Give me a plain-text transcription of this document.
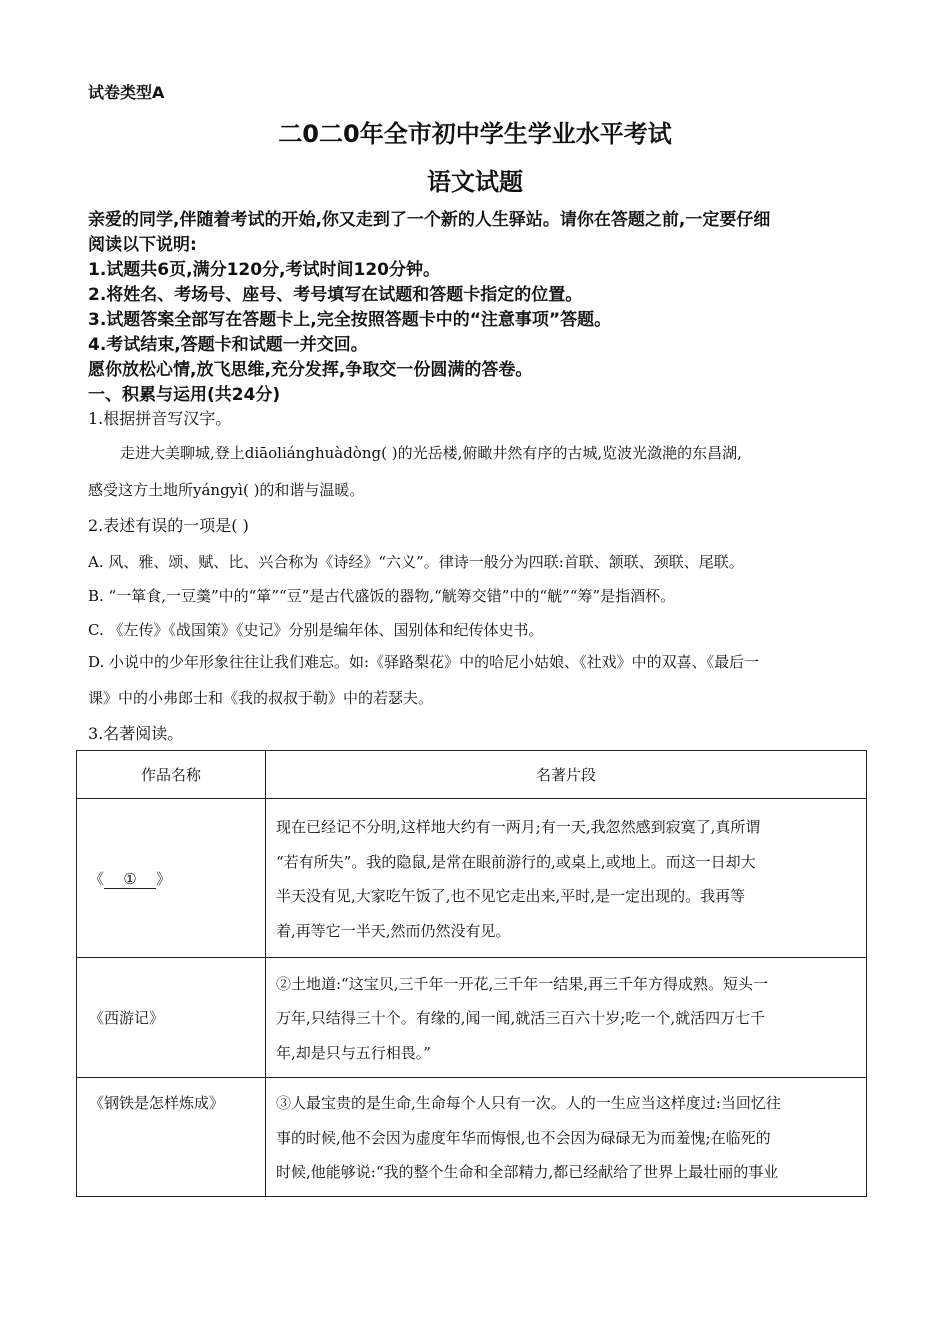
试卷类型A
二0二0年全市初中学生学业水平考试
语文试题
亲爱的同学,伴随着考试的开始,你又走到了一个新的人生驿站。请你在答题之前,一定要仔细
阅读以下说明:
1.试题共6页,满分120分,考试时间120分钟。
2.将姓名、考场号、座号、考号填写在试题和答题卡指定的位置。
3.试题答案全部写在答题卡上,完全按照答题卡中的“注意事项”答题。
4.考试结束,答题卡和试题一并交回。
愿你放松心情,放飞思维,充分发挥,争取交一份圆满的答卷。
一、积累与运用(共24分)
1.根据拼音写汉字。
走进大美聊城,登上diāoliánghuàdòng( )的光岳楼,俯瞰井然有序的古城,览波光潋滟的东昌湖,
感受这方土地所yángyì( )的和谐与温暖。
2.表述有误的一项是( )
A. 风、雅、颂、赋、比、兴合称为《诗经》“六义”。律诗一般分为四联:首联、颔联、颈联、尾联。
B. “一箪食,一豆羹”中的“箪”“豆”是古代盛饭的器物,“觥筹交错”中的“觥”“筹”是指酒杯。
C. 《左传》《战国策》《史记》分别是编年体、国别体和纪传体史书。
D. 小说中的少年形象往往让我们难忘。如:《驿路梨花》中的哈尼小姑娘、《社戏》中的双喜、《最后一
课》中的小弗郎士和《我的叔叔于勒》中的若瑟夫。
3.名著阅读。
作品名称	名著片段
《 ① 》	现在已经记不分明,这样地大约有一两月;有一天,我忽然感到寂寞了,真所谓
“若有所失”。我的隐鼠,是常在眼前游行的,或桌上,或地上。而这一日却大
半天没有见,大家吃午饭了,也不见它走出来,平时,是一定出现的。我再等
着,再等它一半天,然而仍然没有见。

《西游记》	②土地道:“这宝贝,三千年一开花,三千年一结果,再三千年方得成熟。短头一
万年,只结得三十个。有缘的,闻一闻,就活三百六十岁;吃一个,就活四万七千
年,却是只与五行相畏。”

《钢铁是怎样炼成》	③人最宝贵的是生命,生命每个人只有一次。人的一生应当这样度过:当回忆往
事的时候,他不会因为虚度年华而悔恨,也不会因为碌碌无为而羞愧;在临死的
时候,他能够说:“我的整个生命和全部精力,都已经献给了世界上最壮丽的事业
